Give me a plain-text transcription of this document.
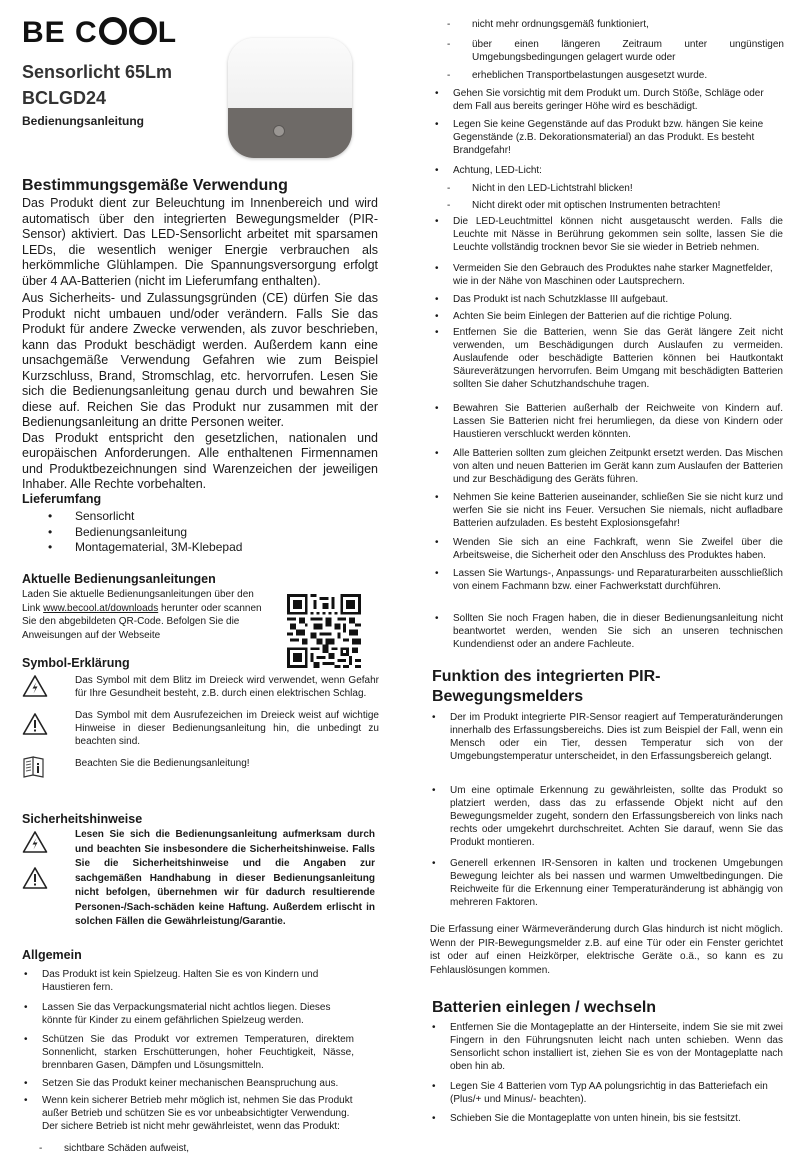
BE C L
Sensorlicht 65Lm
BCLGD24
Bedienungsanleitung
Bestimmungsgemäße Verwendung
Das Produkt dient zur Beleuchtung im Innenbereich und wird automatisch über den integrierten Bewegungsmelder (PIR-Sensor) aktiviert. Das LED-Sensorlicht arbeitet mit sparsamen LEDs, die wesentlich weniger Energie verbrauchen als herkömmliche Glühlampen. Die Spannungsversorgung erfolgt über 4 AA-Batterien (nicht im Lieferumfang enthalten).
Aus Sicherheits- und Zulassungsgründen (CE) dürfen Sie das Produkt nicht umbauen und/oder verändern. Falls Sie das Produkt für andere Zwecke verwenden, als zuvor beschrieben, kann das Produkt beschädigt werden. Außerdem kann eine unsachgemäße Verwendung Gefahren wie zum Beispiel Kurzschluss, Brand, Stromschlag, etc. hervorrufen. Lesen Sie sich die Bedienungsanleitung genau durch und bewahren Sie diese auf. Reichen Sie das Produkt nur zusammen mit der Bedienungsanleitung an dritte Personen weiter.
Das Produkt entspricht den gesetzlichen, nationalen und europäischen Anforderungen. Alle enthaltenen Firmennamen und Produktbezeichnungen sind Warenzeichen der jeweiligen Inhaber. Alle Rechte vorbehalten.
Lieferumfang
• Sensorlicht
• Bedienungsanleitung
• Montagematerial, 3M-Klebepad
Aktuelle Bedienungsanleitungen
Laden Sie aktuelle Bedienungsanleitungen über den
Link www.becool.at/downloads herunter oder scannen
Sie den abgebildeten QR-Code. Befolgen Sie die
Anweisungen auf der Webseite
Symbol-Erklärung
Das Symbol mit dem Blitz im Dreieck wird verwendet, wenn Gefahr für Ihre Gesundheit besteht, z.B. durch einen elektrischen Schlag.
Das Symbol mit dem Ausrufezeichen im Dreieck weist auf wichtige Hinweise in dieser Bedienungsanleitung hin, die unbedingt zu beachten sind.
Beachten Sie die Bedienungsanleitung!
Sicherheitshinweise
Lesen Sie sich die Bedienungsanleitung aufmerksam durch und beachten Sie insbesondere die Sicherheitshinweise. Falls Sie die Sicherheitshinweise und die Angaben zur sachgemäßen Handhabung in dieser Bedienungsanleitung nicht befolgen, übernehmen wir für dadurch resultierende Personen-/Sach-schäden keine Haftung. Außerdem erlischt in solchen Fällen die Gewährleistung/Garantie.
Allgemein
• Das Produkt ist kein Spielzeug. Halten Sie es von Kindern und Haustieren fern.
• Lassen Sie das Verpackungsmaterial nicht achtlos liegen. Dieses könnte für Kinder zu einem gefährlichen Spielzeug werden.
• Schützen Sie das Produkt vor extremen Temperaturen, direktem Sonnenlicht, starken Erschütterungen, hoher Feuchtigkeit, Nässe, brennbaren Gasen, Dämpfen und Lösungsmitteln.
• Setzen Sie das Produkt keiner mechanischen Beanspruchung aus.
• Wenn kein sicherer Betrieb mehr möglich ist, nehmen Sie das Produkt außer Betrieb und schützen Sie es vor unbeabsichtigter Verwendung. Der sichere Betrieb ist nicht mehr gewährleistet, wenn das Produkt:
- sichtbare Schäden aufweist,
- nicht mehr ordnungsgemäß funktioniert,
- über einen längeren Zeitraum unter ungünstigen Umgebungsbedingungen gelagert wurde oder
- erheblichen Transportbelastungen ausgesetzt wurde.
• Gehen Sie vorsichtig mit dem Produkt um. Durch Stöße, Schläge oder dem Fall aus bereits geringer Höhe wird es beschädigt.
• Legen Sie keine Gegenstände auf das Produkt bzw. hängen Sie keine Gegenstände (z.B. Dekorationsmaterial) an das Produkt. Es besteht Brandgefahr!
• Achtung, LED-Licht:
- Nicht in den LED-Lichtstrahl blicken!
- Nicht direkt oder mit optischen Instrumenten betrachten!
• Die LED-Leuchtmittel können nicht ausgetauscht werden. Falls die Leuchte mit Nässe in Berührung gekommen sein sollte, lassen Sie die Leuchte vollständig trocknen bevor Sie sie wieder in Betrieb nehmen.
• Vermeiden Sie den Gebrauch des Produktes nahe starker Magnetfelder, wie in der Nähe von Maschinen oder Lautsprechern.
• Das Produkt ist nach Schutzklasse III aufgebaut.
• Achten Sie beim Einlegen der Batterien auf die richtige Polung.
• Entfernen Sie die Batterien, wenn Sie das Gerät längere Zeit nicht verwenden, um Beschädigungen durch Auslaufen zu vermeiden. Auslaufende oder beschädigte Batterien können bei Hautkontakt Säureverätzungen hervorrufen. Beim Umgang mit beschädigten Batterien sollten Sie daher Schutzhandschuhe tragen.
• Bewahren Sie Batterien außerhalb der Reichweite von Kindern auf. Lassen Sie Batterien nicht frei herumliegen, da diese von Kindern oder Haustieren verschluckt werden könnten.
• Alle Batterien sollten zum gleichen Zeitpunkt ersetzt werden. Das Mischen von alten und neuen Batterien im Gerät kann zum Auslaufen der Batterien und zur Beschädigung des Geräts führen.
• Nehmen Sie keine Batterien auseinander, schließen Sie sie nicht kurz und werfen Sie sie nicht ins Feuer. Versuchen Sie niemals, nicht aufladbare Batterien aufzuladen. Es besteht Explosionsgefahr!
• Wenden Sie sich an eine Fachkraft, wenn Sie Zweifel über die Arbeitsweise, die Sicherheit oder den Anschluss des Produktes haben.
• Lassen Sie Wartungs-, Anpassungs- und Reparaturarbeiten ausschließlich von einem Fachmann bzw. einer Fachwerkstatt durchführen.
• Sollten Sie noch Fragen haben, die in dieser Bedienungsanleitung nicht beantwortet werden, wenden Sie sich an unseren technischen Kundendienst oder an andere Fachleute.
Funktion des integrierten PIR-
Bewegungsmelders
• Der im Produkt integrierte PIR-Sensor reagiert auf Temperaturänderungen innerhalb des Erfassungsbereichs. Dies ist zum Beispiel der Fall, wenn ein Mensch oder ein Tier, dessen Temperatur sich von der Umgebungstemperatur unterscheidet, in den Erfassungsbereich gelangt.
• Um eine optimale Erkennung zu gewährleisten, sollte das Produkt so platziert werden, dass das zu erfassende Objekt nicht auf den Bewegungsmelder zugeht, sondern den Erfassungsbereich von links nach rechts oder umgekehrt durchschreitet. Achten Sie darauf, wenn Sie das Produkt montieren.
• Generell erkennen IR-Sensoren in kalten und trockenen Umgebungen Bewegung leichter als bei nassen und warmen Umweltbedingungen. Die Reichweite für die Erkennung einer Temperaturänderung ist abhängig von mehreren Faktoren.
Die Erfassung einer Wärmeveränderung durch Glas hindurch ist nicht möglich. Wenn der PIR-Bewegungsmelder z.B. auf eine Tür oder ein Fenster gerichtet ist oder auf einen Heizkörper, elektrische Geräte o.ä., so kann es zu Fehlauslösungen kommen.
Batterien einlegen / wechseln
• Entfernen Sie die Montageplatte an der Hinterseite, indem Sie sie mit zwei Fingern in den Führungsnuten leicht nach unten schieben. Wenn das Sensorlicht schon installiert ist, ziehen Sie es von der Montageplatte nach oben hin ab.
• Legen Sie 4 Batterien vom Typ AA polungsrichtig in das Batteriefach ein (Plus/+ und Minus/- beachten).
• Schieben Sie die Montageplatte von unten hinein, bis sie festsitzt.
